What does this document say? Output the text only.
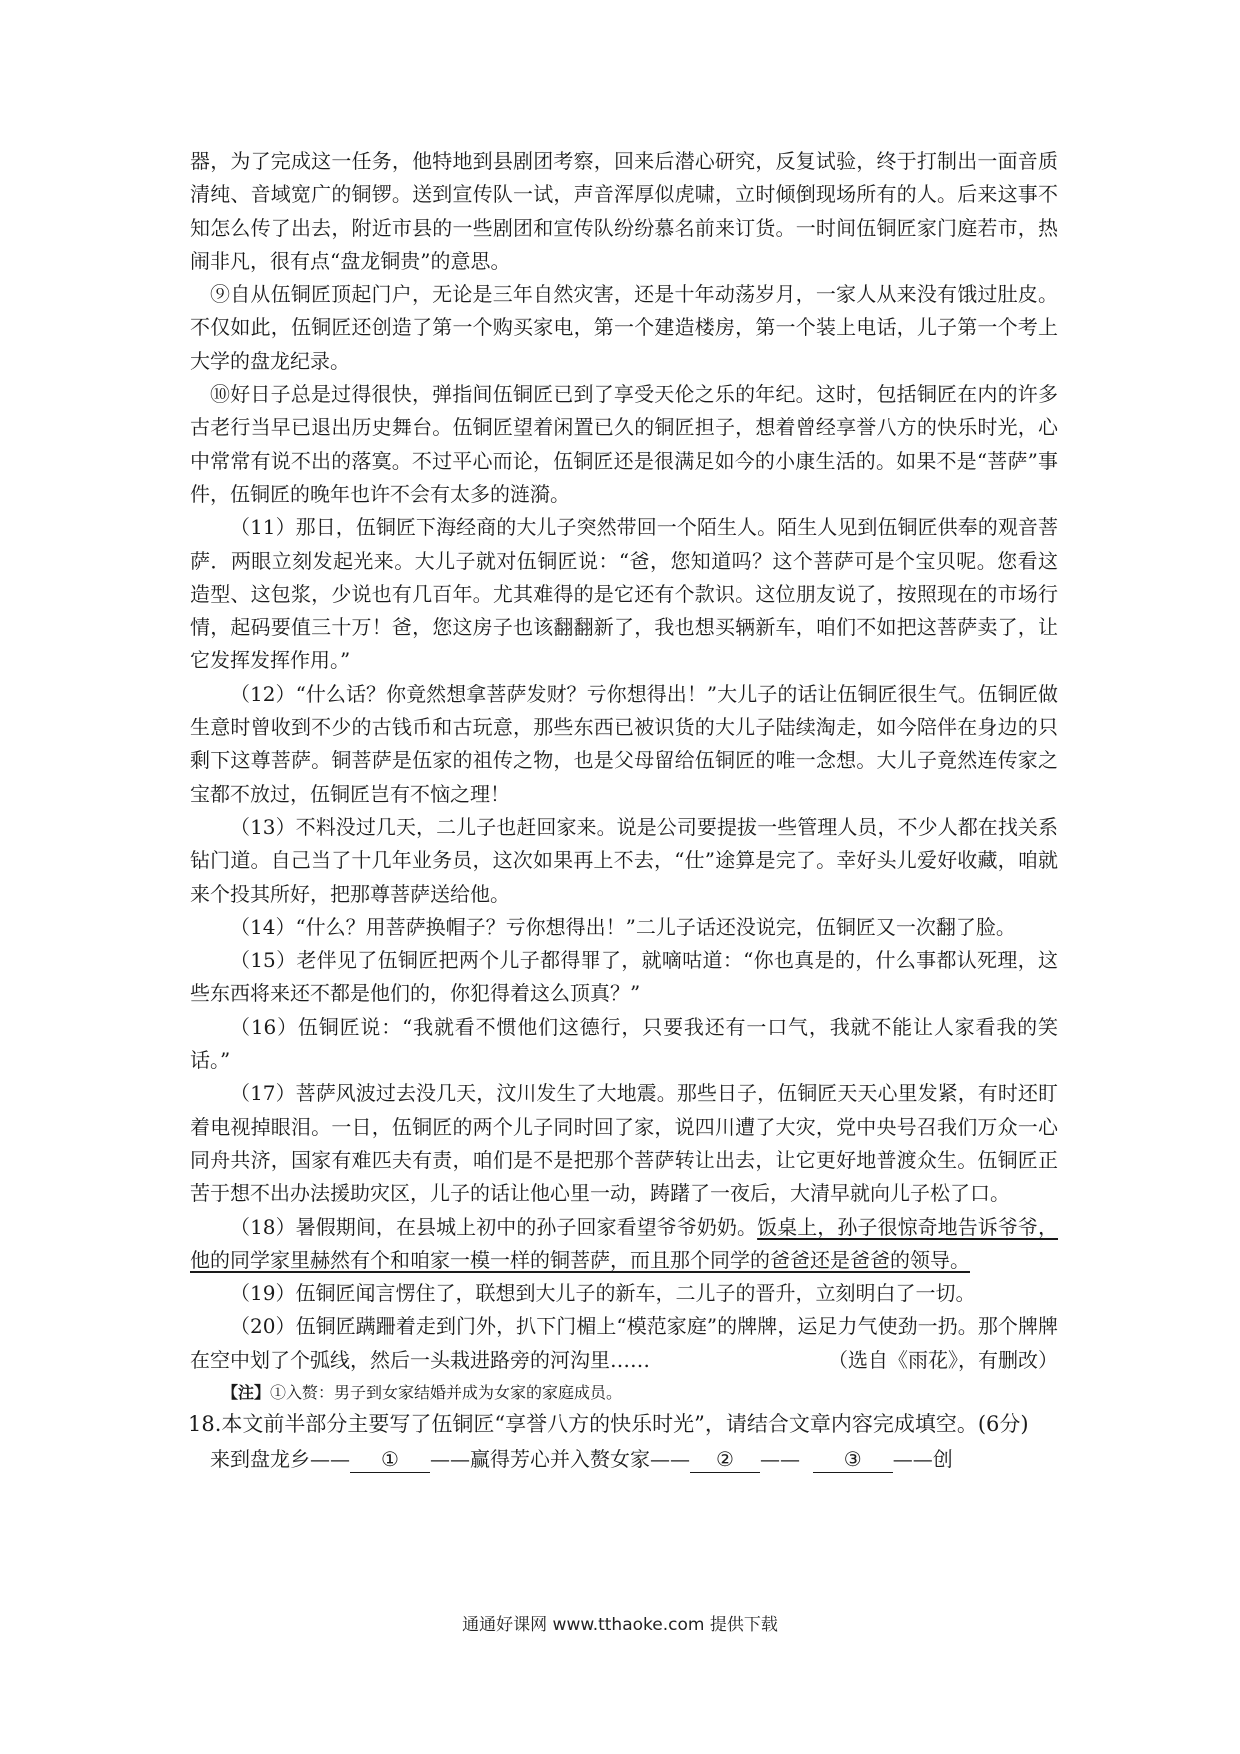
器，为了完成这一任务，他特地到县剧团考察，回来后潜心研究，反复试验，终于打制出一面音质清纯、音域宽广的铜锣。送到宣传队一试，声音浑厚似虎啸，立时倾倒现场所有的人。后来这事不知怎么传了出去，附近市县的一些剧团和宣传队纷纷慕名前来订货。一时间伍铜匠家门庭若市，热闹非凡，很有点“盘龙铜贵”的意思。

⑨自从伍铜匠顶起门户，无论是三年自然灾害，还是十年动荡岁月，一家人从来没有饿过肚皮。不仅如此，伍铜匠还创造了第一个购买家电，第一个建造楼房，第一个装上电话，儿子第一个考上大学的盘龙纪录。

⑩好日子总是过得很快，弹指间伍铜匠已到了享受天伦之乐的年纪。这时，包括铜匠在内的许多古老行当早已退出历史舞台。伍铜匠望着闲置已久的铜匠担子，想着曾经享誉八方的快乐时光，心中常常有说不出的落寞。不过平心而论，伍铜匠还是很满足如今的小康生活的。如果不是“菩萨”事件，伍铜匠的晚年也许不会有太多的涟漪。

（11）那日，伍铜匠下海经商的大儿子突然带回一个陌生人。陌生人见到伍铜匠供奉的观音菩萨．两眼立刻发起光来。大儿子就对伍铜匠说：“爸，您知道吗？这个菩萨可是个宝贝呢。您看这造型、这包浆，少说也有几百年。尤其难得的是它还有个款识。这位朋友说了，按照现在的市场行情，起码要值三十万！爸，您这房子也该翻翻新了，我也想买辆新车，咱们不如把这菩萨卖了，让它发挥发挥作用。”

（12）“什么话？你竟然想拿菩萨发财？亏你想得出！”大儿子的话让伍铜匠很生气。伍铜匠做生意时曾收到不少的古钱币和古玩意，那些东西已被识货的大儿子陆续淘走，如今陪伴在身边的只剩下这尊菩萨。铜菩萨是伍家的祖传之物，也是父母留给伍铜匠的唯一念想。大儿子竟然连传家之宝都不放过，伍铜匠岂有不恼之理！

（13）不料没过几天，二儿子也赶回家来。说是公司要提拔一些管理人员，不少人都在找关系钻门道。自己当了十几年业务员，这次如果再上不去，“仕”途算是完了。幸好头儿爱好收藏，咱就来个投其所好，把那尊菩萨送给他。

（14）“什么？用菩萨换帽子？亏你想得出！”二儿子话还没说完，伍铜匠又一次翻了脸。

（15）老伴见了伍铜匠把两个儿子都得罪了，就嘀咕道：“你也真是的，什么事都认死理，这些东西将来还不都是他们的，你犯得着这么顶真？”

（16）伍铜匠说：“我就看不惯他们这德行，只要我还有一口气，我就不能让人家看我的笑话。”

（17）菩萨风波过去没几天，汶川发生了大地震。那些日子，伍铜匠天天心里发紧，有时还盯着电视掉眼泪。一日，伍铜匠的两个儿子同时回了家，说四川遭了大灾，党中央号召我们万众一心同舟共济，国家有难匹夫有责，咱们是不是把那个菩萨转让出去，让它更好地普渡众生。伍铜匠正苦于想不出办法援助灾区，儿子的话让他心里一动，踌躇了一夜后，大清早就向儿子松了口。

（18）暑假期间，在县城上初中的孙子回家看望爷爷奶奶。饭桌上，孙子很惊奇地告诉爷爷，他的同学家里赫然有个和咱家一模一样的铜菩萨，而且那个同学的爸爸还是爸爸的领导。

（19）伍铜匠闻言愣住了，联想到大儿子的新车，二儿子的晋升，立刻明白了一切。

（20）伍铜匠蹒跚着走到门外，扒下门楣上“模范家庭”的牌牌，运足力气使劲一扔。那个牌牌在空中划了个弧线，然后一头栽进路旁的河沟里……	（选自《雨花》，有删改）

【注】①入赘：男子到女家结婚并成为女家的家庭成员。

18.本文前半部分主要写了伍铜匠“享誉八方的快乐时光”，请结合文章内容完成填空。(6分)

来到盘龙乡—— ① ——赢得芳心并入赘女家—— ② —— ③ ——创

通通好课网 www.tthaoke.com 提供下载
